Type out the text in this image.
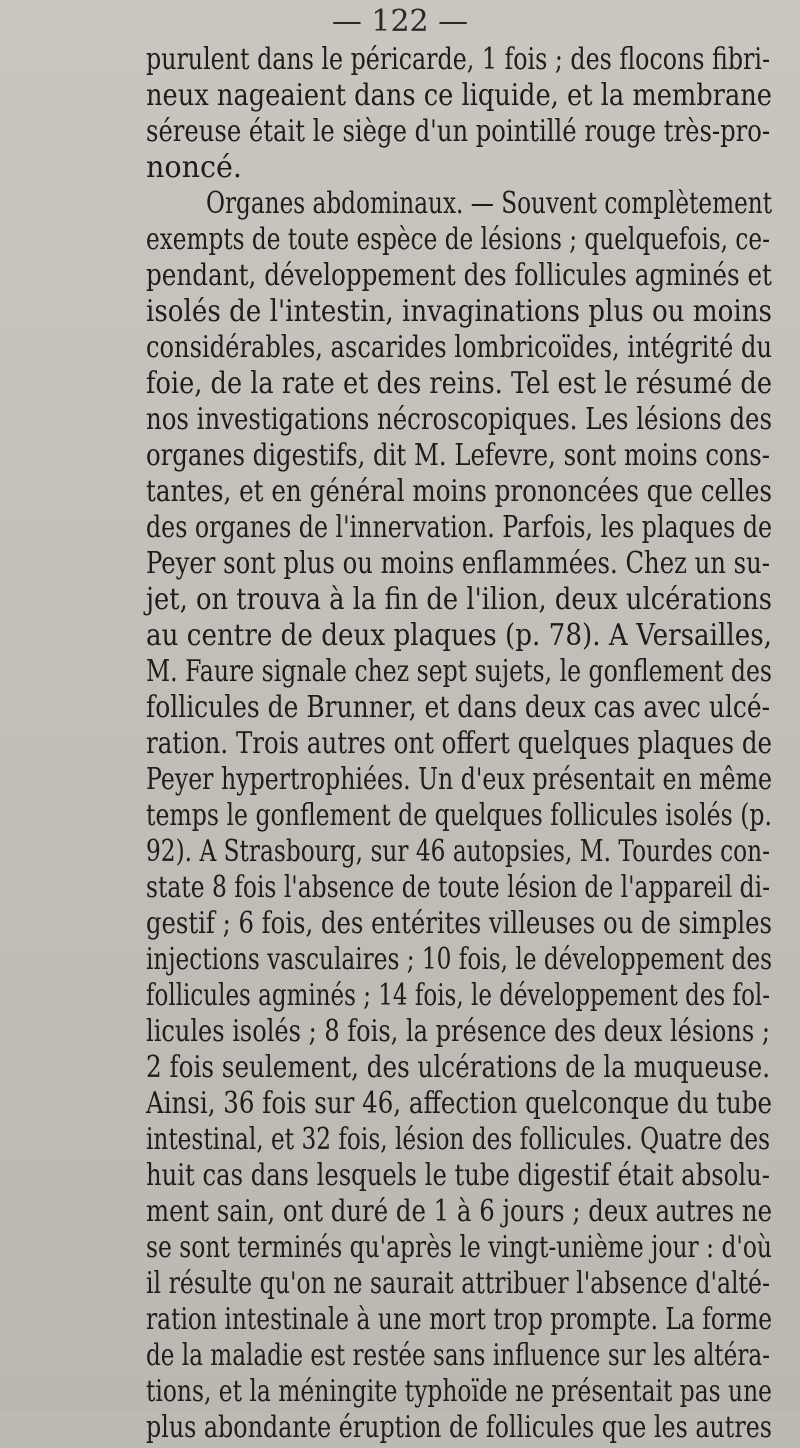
— 122 —
purulent dans le péricarde, 1 fois ; des flocons fibri-
neux nageaient dans ce liquide, et la membrane
séreuse était le siège d'un pointillé rouge très-pro-
noncé.
Organes abdominaux. — Souvent complètement
exempts de toute espèce de lésions ; quelquefois, ce-
pendant, développement des follicules agminés et
isolés de l'intestin, invaginations plus ou moins
considérables, ascarides lombricoïdes, intégrité du
foie, de la rate et des reins. Tel est le résumé de
nos investigations nécroscopiques. Les lésions des
organes digestifs, dit M. Lefevre, sont moins cons-
tantes, et en général moins prononcées que celles
des organes de l'innervation. Parfois, les plaques de
Peyer sont plus ou moins enflammées. Chez un su-
jet, on trouva à la fin de l'ilion, deux ulcérations
au centre de deux plaques (p. 78). A Versailles,
M. Faure signale chez sept sujets, le gonflement des
follicules de Brunner, et dans deux cas avec ulcé-
ration. Trois autres ont offert quelques plaques de
Peyer hypertrophiées. Un d'eux présentait en même
temps le gonflement de quelques follicules isolés (p.
92). A Strasbourg, sur 46 autopsies, M. Tourdes con-
state 8 fois l'absence de toute lésion de l'appareil di-
gestif ; 6 fois, des entérites villeuses ou de simples
injections vasculaires ; 10 fois, le développement des
follicules agminés ; 14 fois, le développement des fol-
licules isolés ; 8 fois, la présence des deux lésions ;
2 fois seulement, des ulcérations de la muqueuse.
Ainsi, 36 fois sur 46, affection quelconque du tube
intestinal, et 32 fois, lésion des follicules. Quatre des
huit cas dans lesquels le tube digestif était absolu-
ment sain, ont duré de 1 à 6 jours ; deux autres ne
se sont terminés qu'après le vingt-unième jour : d'où
il résulte qu'on ne saurait attribuer l'absence d'alté-
ration intestinale à une mort trop prompte. La forme
de la maladie est restée sans influence sur les altéra-
tions, et la méningite typhoïde ne présentait pas une
plus abondante éruption de follicules que les autres
